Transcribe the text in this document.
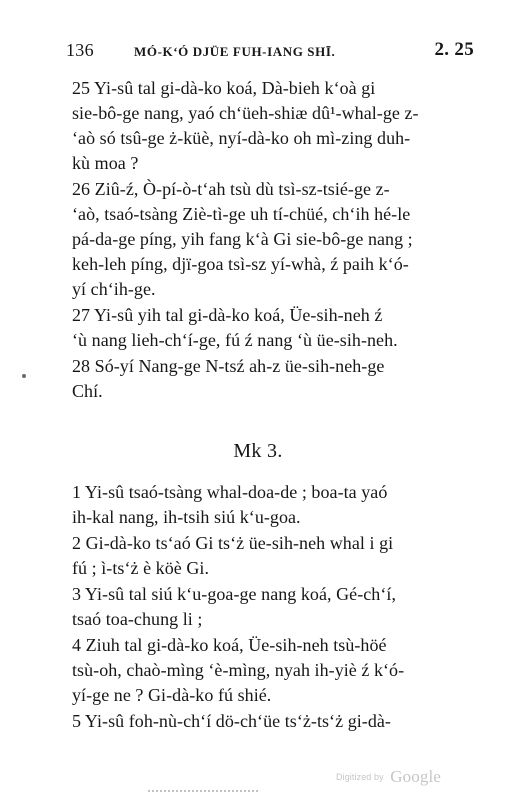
136	MÓ-K‘Ó DJÜE FUH-IANG SHĪ.	2. 25

25 Yi-sû tal gi-dà-ko koá, Dà-bieh k‘oà gi
sie-bô-ge nang, yaó ch‘üeh-shiæ dû¹-whal-ge z-
‘aò só tsû-ge ż-küè, nyí-dà-ko oh mì-zing duh-
kù moa ?

26 Ziû-ź, Ò-pí-ò-t‘ah tsù dù tsì-sz-tsié-ge z-
‘aò, tsaó-tsàng Ziè-tì-ge uh tí-chüé, ch‘ih hé-le
pá-da-ge píng, yih fang k‘à Gi sie-bô-ge nang ;
keh-leh píng, djï-goa tsì-sz yí-whà, ź paih k‘ó-
yí ch‘ih-ge.

27 Yi-sû yih tal gi-dà-ko koá, Üe-sih-neh ź
‘ù nang lieh-ch‘í-ge, fú ź nang ‘ù üe-sih-neh.

28 Só-yí Nang-ge N-tsź ah-z üe-sih-neh-ge
Chí.

Mk 3.

1 Yi-sû tsaó-tsàng whal-doa-de ; boa-ta yaó
ih-kal nang, ih-tsih siú k‘u-goa.

2 Gi-dà-ko ts‘aó Gi ts‘ż üe-sih-neh whal i gi
fú ; ì-ts‘ż è köè Gi.

3 Yi-sû tal siú k‘u-goa-ge nang koá, Gé-ch‘í,
tsaó toa-chung li ;

4 Ziuh tal gi-dà-ko koá, Üe-sih-neh tsù-höé
tsù-oh, chaò-mìng ‘è-mìng, nyah ih-yiè ź k‘ó-
yí-ge ne ? Gi-dà-ko fú shié.

5 Yi-sû foh-nù-ch‘í dö-ch‘üe ts‘ż-ts‘ż gi-dà-

Digitized by Google
